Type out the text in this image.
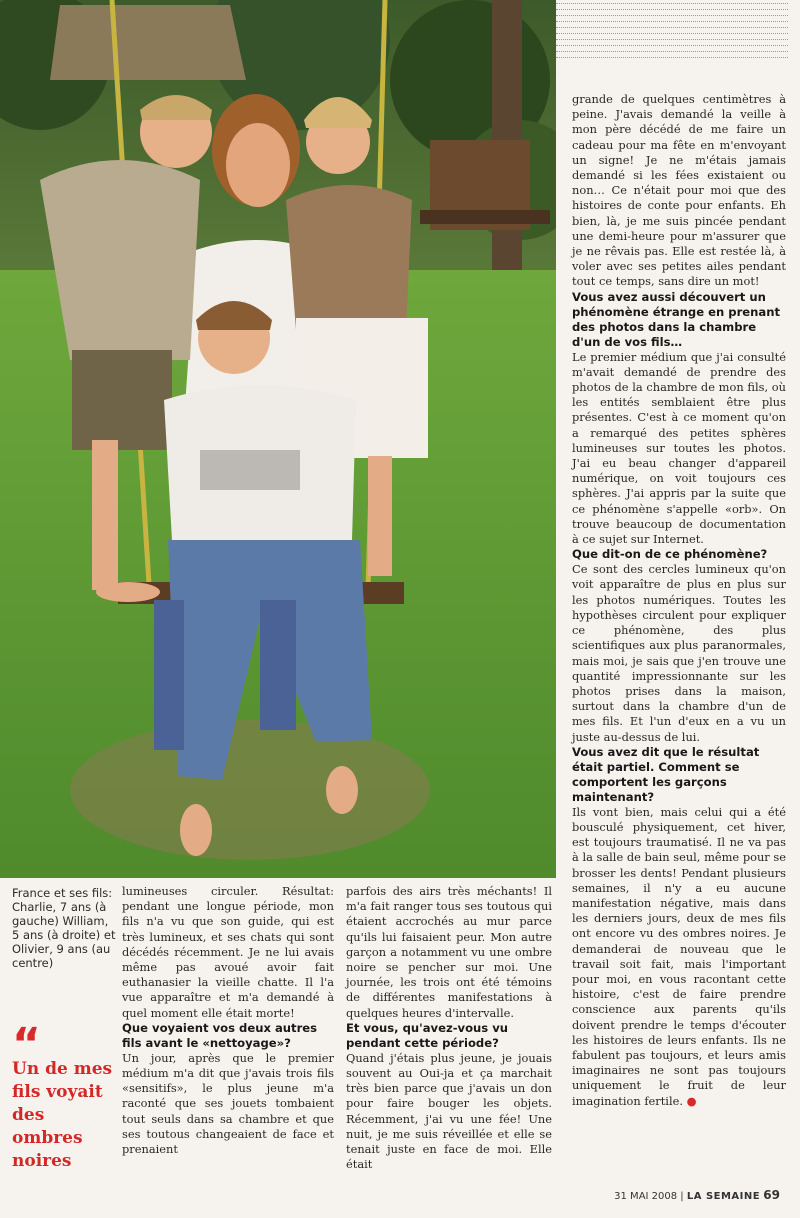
France et ses fils: Charlie, 7 ans (à gauche) William, 5 ans (à droite) et Olivier, 9 ans (au centre)
“
Un de mes fils voyait des ombres noires

lumineuses circuler. Résultat: pendant une longue période, mon fils n'a vu que son guide, qui est très lumineux, et ses chats qui sont décédés récemment. Je ne lui avais même pas avoué avoir fait euthanasier la vieille chatte. Il l'a vue apparaître et m'a demandé à quel moment elle était morte!

Que voyaient vos deux autres fils avant le «nettoyage»?

Un jour, après que le premier médium m'a dit que j'avais trois fils «sensitifs», le plus jeune m'a raconté que ses jouets tombaient tout seuls dans sa chambre et que ses toutous changeaient de face et prenaient

parfois des airs très méchants! Il m'a fait ranger tous ses toutous qui étaient accrochés au mur parce qu'ils lui faisaient peur. Mon autre garçon a notamment vu une ombre noire se pencher sur moi. Une journée, les trois ont été témoins de différentes manifestations à quelques heures d'intervalle.

Et vous, qu'avez-vous vu pendant cette période?

Quand j'étais plus jeune, je jouais souvent au Oui-ja et ça marchait très bien parce que j'avais un don pour faire bouger les objets. Récemment, j'ai vu une fée! Une nuit, je me suis réveillée et elle se tenait juste en face de moi. Elle était

grande de quelques centimètres à peine. J'avais demandé la veille à mon père décédé de me faire un cadeau pour ma fête en m'envoyant un signe! Je ne m'étais jamais demandé si les fées existaient ou non… Ce n'était pour moi que des histoires de conte pour enfants. Eh bien, là, je me suis pincée pendant une demi-heure pour m'assurer que je ne rêvais pas. Elle est restée là, à voler avec ses petites ailes pendant tout ce temps, sans dire un mot!

Vous avez aussi découvert un phénomène étrange en prenant des photos dans la chambre d'un de vos fils…

Le premier médium que j'ai consulté m'avait demandé de prendre des photos de la chambre de mon fils, où les entités semblaient être plus présentes. C'est à ce moment qu'on a remarqué des petites sphères lumineuses sur toutes les photos. J'ai eu beau changer d'appareil numérique, on voit toujours ces sphères. J'ai appris par la suite que ce phénomène s'appelle «orb». On trouve beaucoup de documentation à ce sujet sur Internet.

Que dit-on de ce phénomène?

Ce sont des cercles lumineux qu'on voit apparaître de plus en plus sur les photos numériques. Toutes les hypothèses circulent pour expliquer ce phénomène, des plus scientifiques aux plus paranormales, mais moi, je sais que j'en trouve une quantité impressionnante sur les photos prises dans la maison, surtout dans la chambre d'un de mes fils. Et l'un d'eux en a vu un juste au-dessus de lui.

Vous avez dit que le résultat était partiel. Comment se comportent les garçons maintenant?

Ils vont bien, mais celui qui a été bousculé physiquement, cet hiver, est toujours traumatisé. Il ne va pas à la salle de bain seul, même pour se brosser les dents! Pendant plusieurs semaines, il n'y a eu aucune manifestation négative, mais dans les derniers jours, deux de mes fils ont encore vu des ombres noires. Je demanderai de nouveau que le travail soit fait, mais l'important pour moi, en vous racontant cette histoire, c'est de faire prendre conscience aux parents qu'ils doivent prendre le temps d'écouter les histoires de leurs enfants. Ils ne fabulent pas toujours, et leurs amis imaginaires ne sont pas toujours uniquement le fruit de leur imagination fertile. ●

31 MAI 2008 | LA SEMAINE 69
